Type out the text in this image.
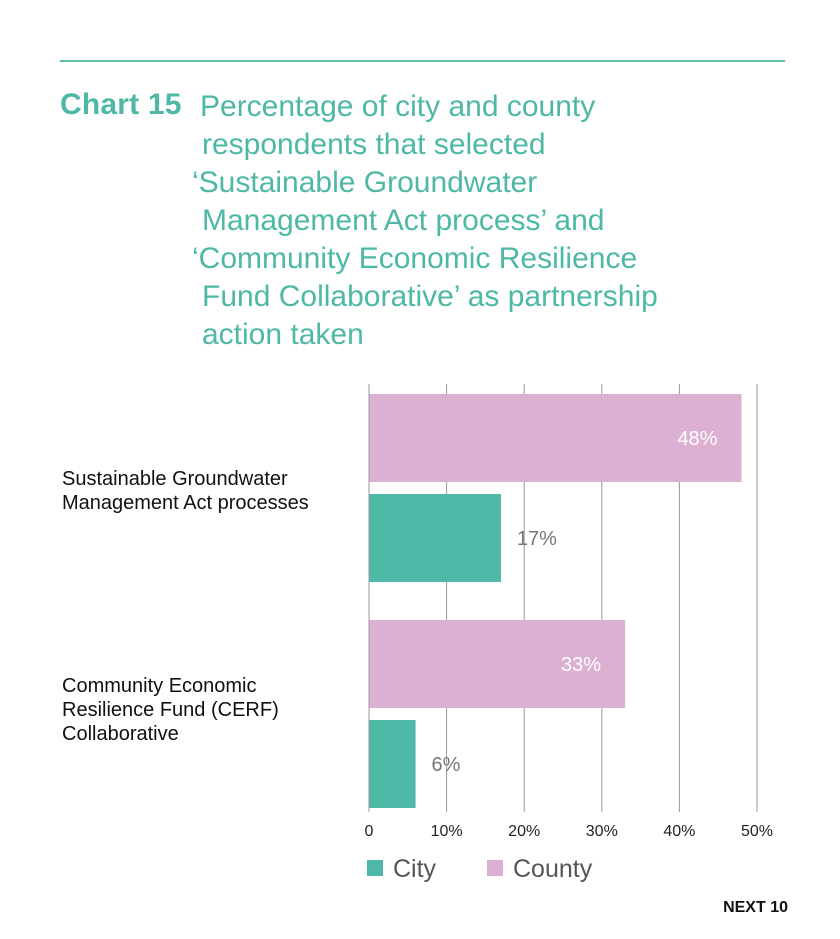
Chart 15 Percentage of city and county
respondents that selected
‘Sustainable Groundwater
Management Act process’ and
‘Community Economic Resilience
Fund Collaborative’ as partnership
action taken
0	10%	20%	30%	40%	50%
48%
17%
Sustainable Groundwater
Management Act processes
33%
6%
Community Economic
Resilience Fund (CERF)
Collaborative
City	County
NEXT 10
